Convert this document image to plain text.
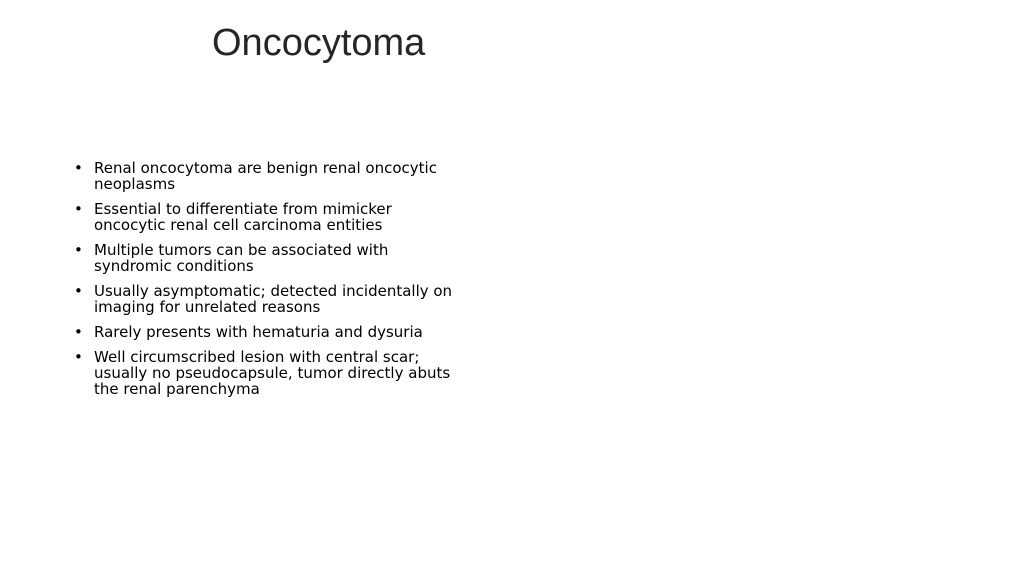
Oncocytoma
• Renal oncocytoma are benign renal oncocytic neoplasms
• Essential to differentiate from mimicker oncocytic renal cell carcinoma entities
• Multiple tumors can be associated with syndromic conditions
• Usually asymptomatic; detected incidentally on imaging for unrelated reasons
• Rarely presents with hematuria and dysuria
• Well circumscribed lesion with central scar; usually no pseudocapsule, tumor directly abuts the renal parenchyma
